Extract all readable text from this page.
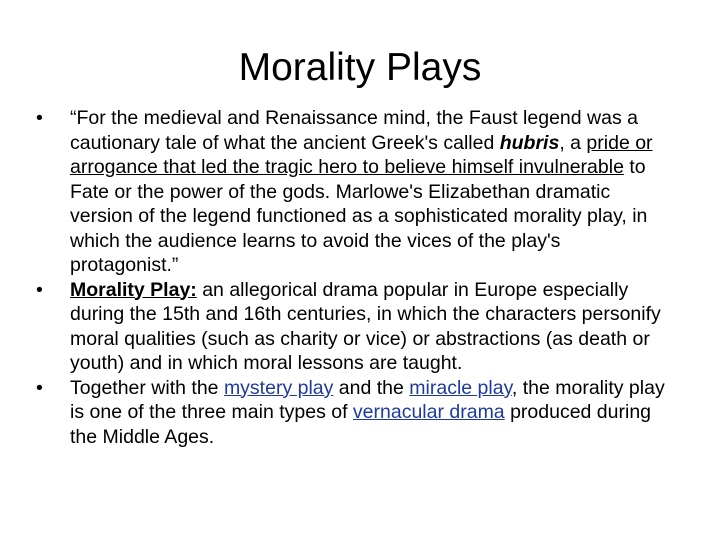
Morality Plays
•	“For the medieval and Renaissance mind, the Faust legend was a cautionary tale of what the ancient Greek's called hubris, a pride or arrogance that led the tragic hero to believe himself invulnerable to Fate or the power of the gods. Marlowe's Elizabethan dramatic version of the legend functioned as a sophisticated morality play, in which the audience learns to avoid the vices of the play's protagonist.”
•	Morality Play: an allegorical drama popular in Europe especially during the 15th and 16th centuries, in which the characters personify moral qualities (such as charity or vice) or abstractions (as death or youth) and in which moral lessons are taught.
•	Together with the mystery play and the miracle play, the morality play is one of the three main types of vernacular drama produced during the Middle Ages.
